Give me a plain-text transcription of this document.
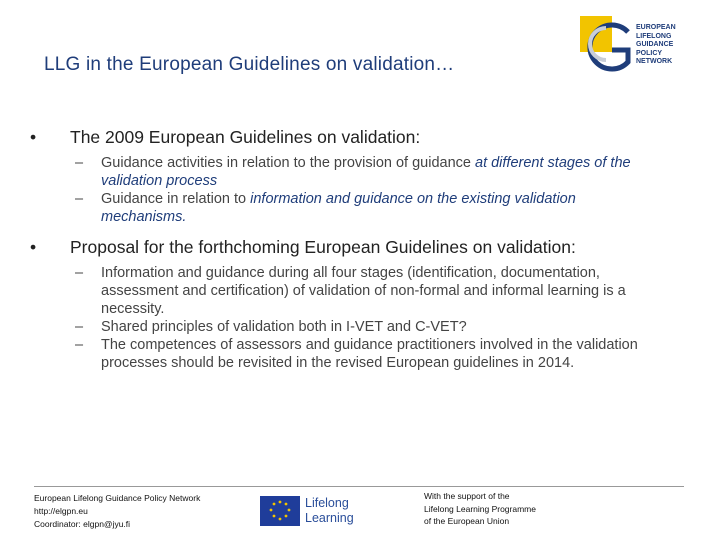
LLG in the European Guidelines on validation…
EUROPEAN LIFELONG
GUIDANCE POLICY
NETWORK
•	The 2009 European Guidelines on validation:
–	Guidance activities in relation to the provision of guidance at different stages of the validation process
–	Guidance in relation to information and guidance on the existing validation mechanisms.
•	Proposal for the forthchoming European Guidelines on validation:
–	Information and guidance during all four stages (identification, documentation, assessment and certification) of validation of non-formal and informal learning is a necessity.
–	Shared principles of validation both in I-VET and C-VET?
–	The competences of assessors and guidance practitioners involved in the validation processes should be revisited in the revised European guidelines in 2014.
European Lifelong Guidance Policy Network
http://elgpn.eu
Coordinator: elgpn@jyu.fi
Lifelong
Learning
With the support of the
Lifelong Learning Programme
of the European Union
